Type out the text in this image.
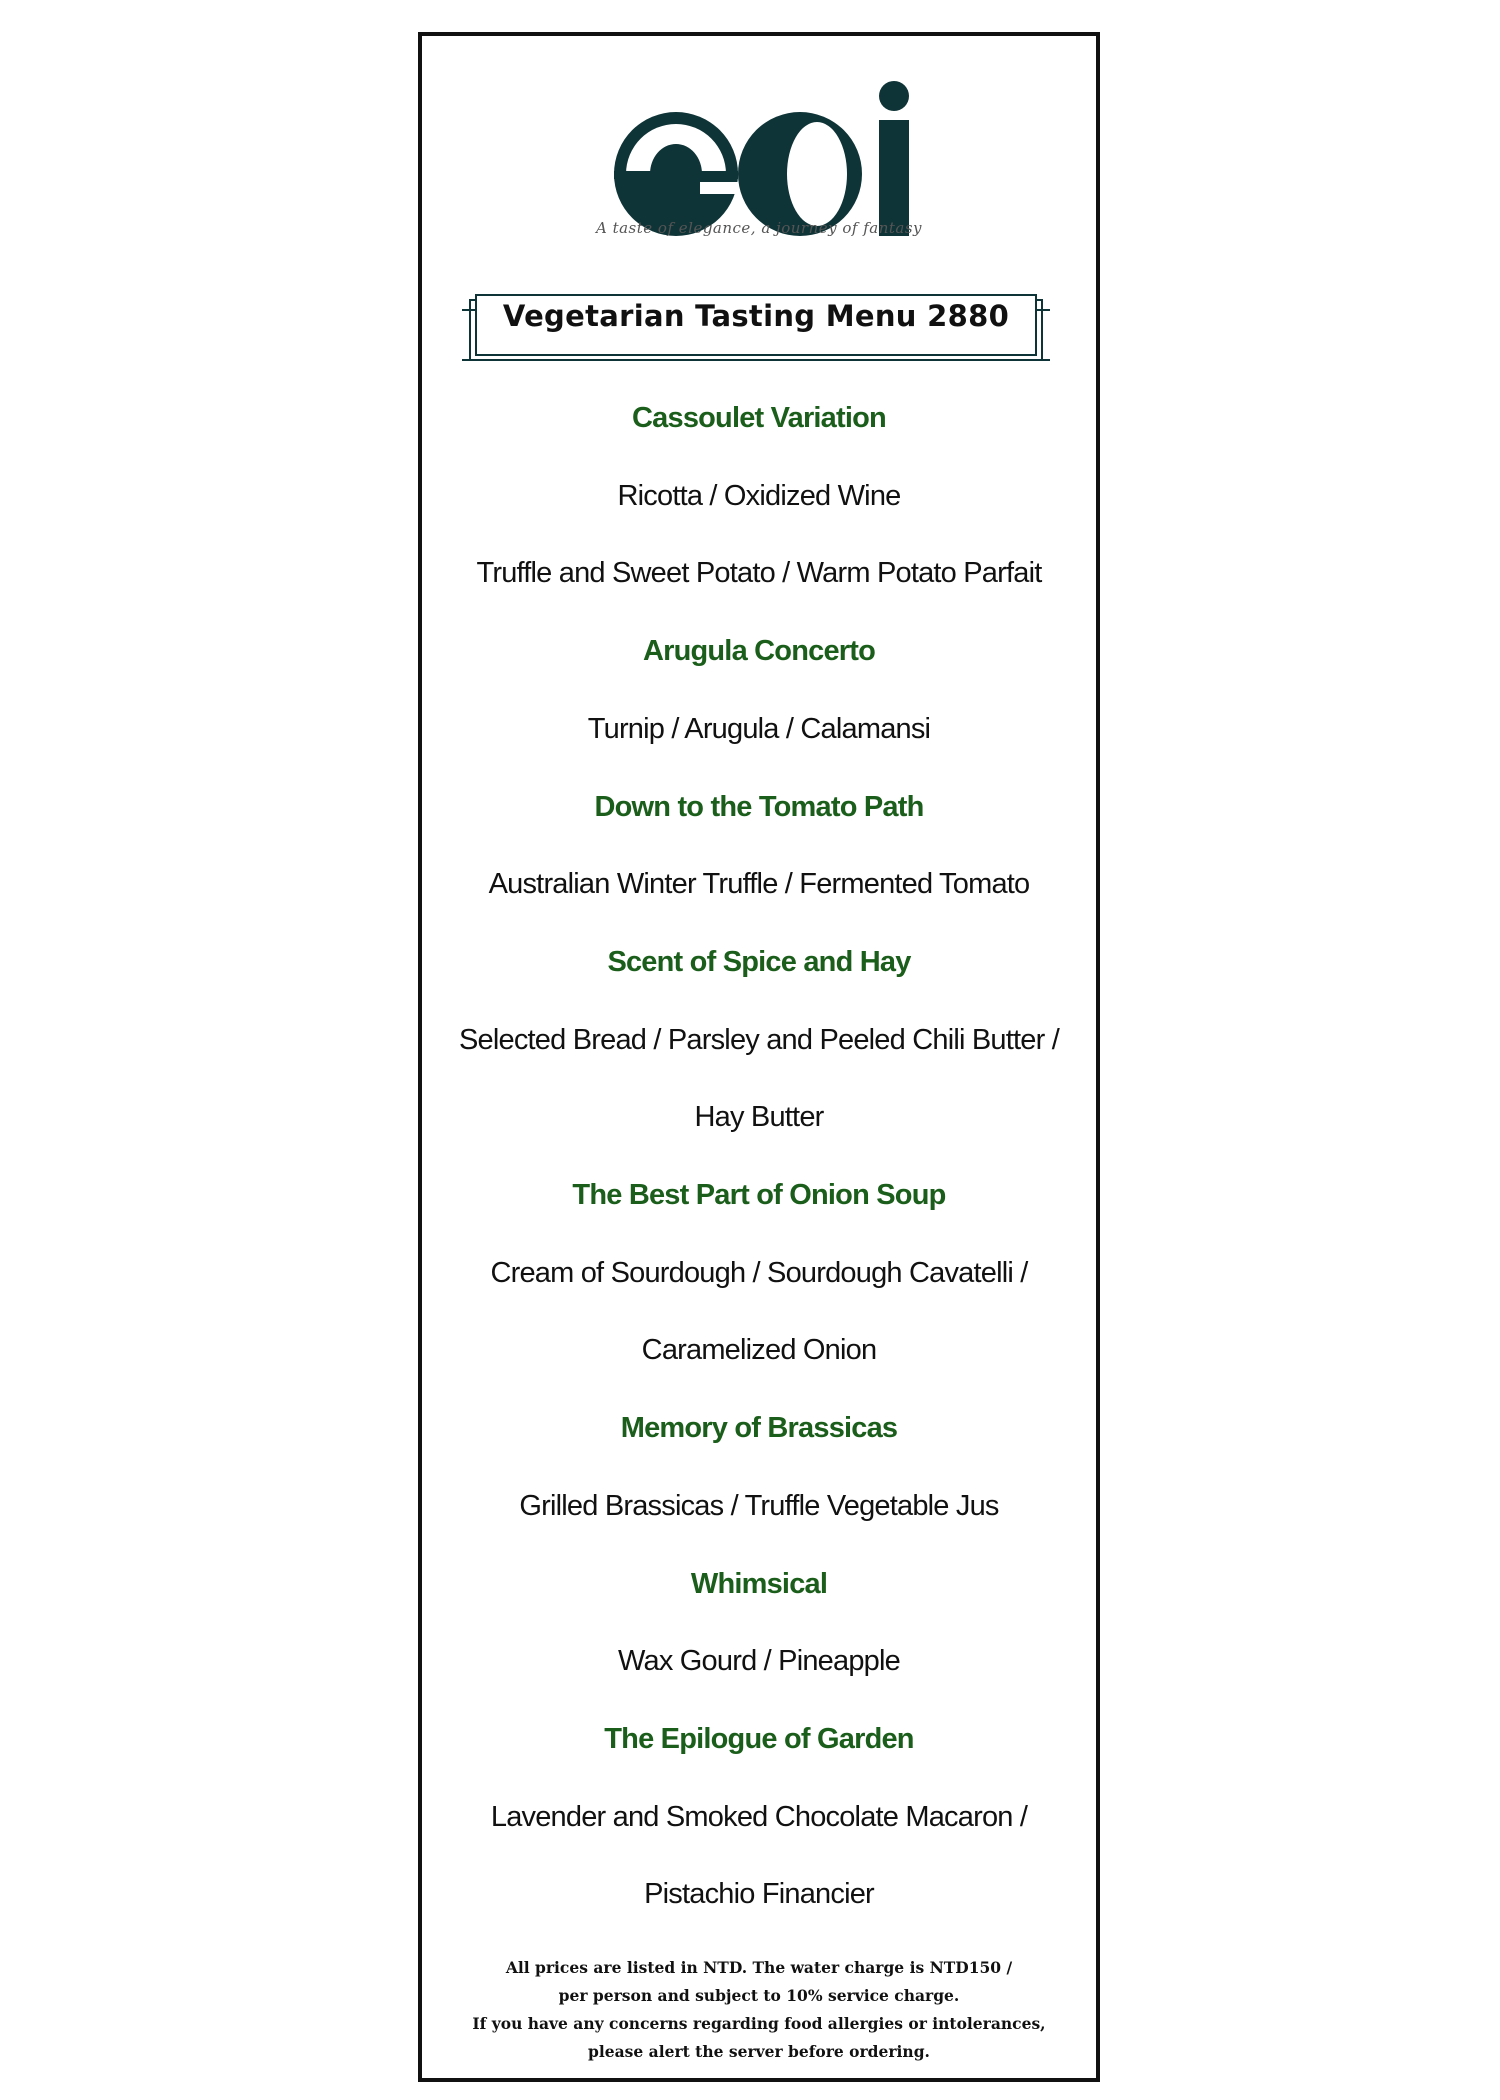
A taste of elegance, a journey of fantasy
Vegetarian Tasting Menu 2880
Cassoulet Variation
Ricotta / Oxidized Wine
Truffle and Sweet Potato / Warm Potato Parfait
Arugula Concerto
Turnip / Arugula / Calamansi
Down to the Tomato Path
Australian Winter Truffle / Fermented Tomato
Scent of Spice and Hay
Selected Bread / Parsley and Peeled Chili Butter /
Hay Butter
The Best Part of Onion Soup
Cream of Sourdough / Sourdough Cavatelli /
Caramelized Onion
Memory of Brassicas
Grilled Brassicas / Truffle Vegetable Jus
Whimsical
Wax Gourd / Pineapple
The Epilogue of Garden
Lavender and Smoked Chocolate Macaron /
Pistachio Financier
All prices are listed in NTD. The water charge is NTD150 /
per person and subject to 10% service charge.
If you have any concerns regarding food allergies or intolerances,
please alert the server before ordering.
